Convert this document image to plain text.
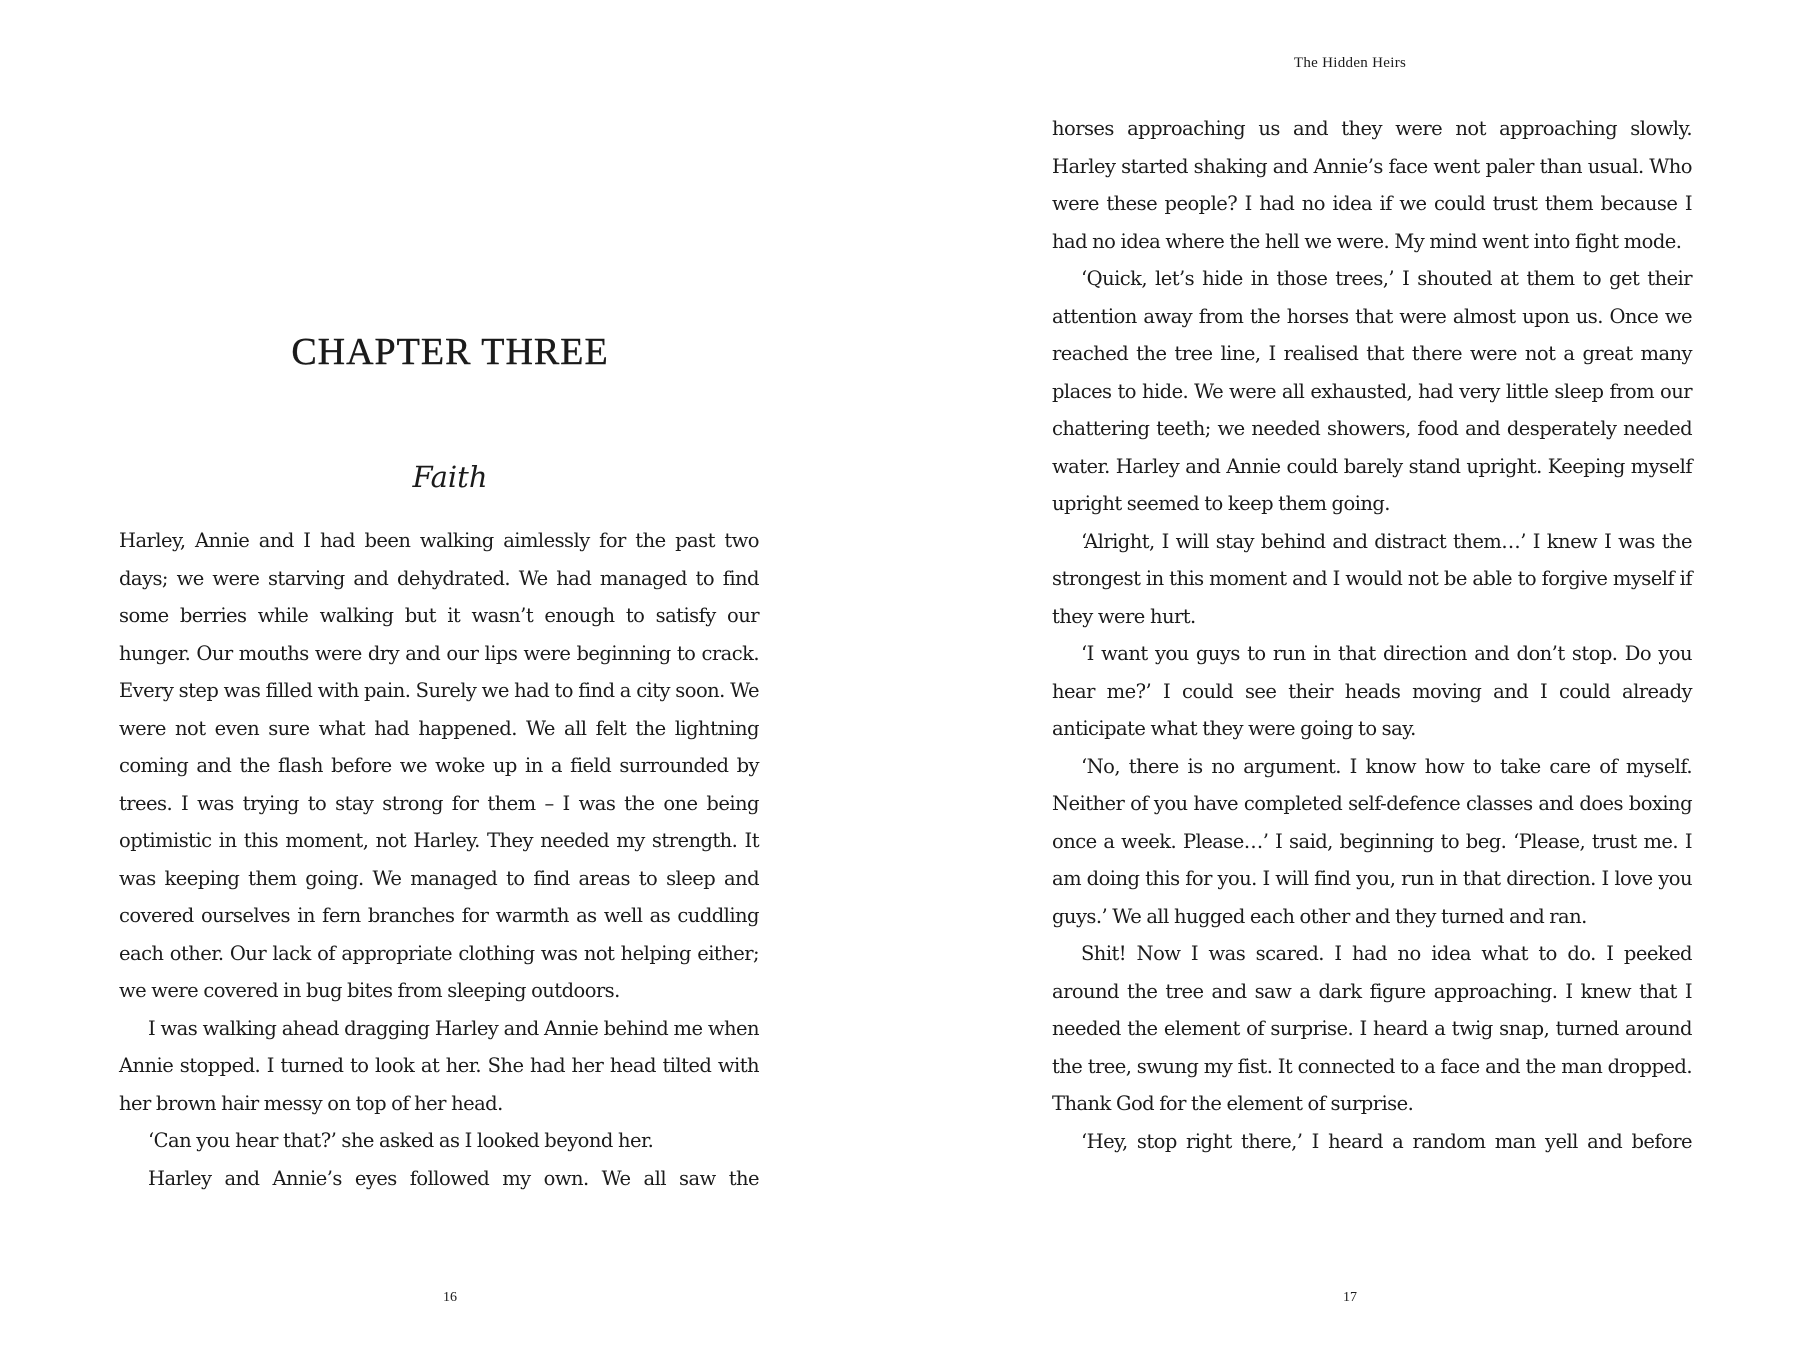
CHAPTER THREE
Faith
16
The Hidden Heirs
17

Harley, Annie and I had been walking aimlessly for the past two days; we were starving and dehydrated. We had managed to find some berries while walking but it wasn’t enough to satisfy our hunger. Our mouths were dry and our lips were beginning to crack. Every step was filled with pain. Surely we had to find a city soon. We were not even sure what had happened. We all felt the lightning coming and the flash before we woke up in a field surrounded by trees. I was trying to stay strong for them – I was the one being optimistic in this moment, not Harley. They needed my strength. It was keeping them going. We managed to find areas to sleep and covered ourselves in fern branches for warmth as well as cuddling each other. Our lack of appropriate clothing was not helping either; we were covered in bug bites from sleeping outdoors.

I was walking ahead dragging Harley and Annie behind me when Annie stopped. I turned to look at her. She had her head tilted with her brown hair messy on top of her head.

‘Can you hear that?’ she asked as I looked beyond her.

Harley and Annie’s eyes followed my own. We all saw the

horses approaching us and they were not approaching slowly. Harley started shaking and Annie’s face went paler than usual. Who were these people? I had no idea if we could trust them because I had no idea where the hell we were. My mind went into fight mode.

‘Quick, let’s hide in those trees,’ I shouted at them to get their attention away from the horses that were almost upon us. Once we reached the tree line, I realised that there were not a great many places to hide. We were all exhausted, had very little sleep from our chattering teeth; we needed showers, food and desperately needed water. Harley and Annie could barely stand upright. Keeping myself upright seemed to keep them going.

‘Alright, I will stay behind and distract them…’ I knew I was the strongest in this moment and I would not be able to forgive myself if they were hurt.

‘I want you guys to run in that direction and don’t stop. Do you hear me?’ I could see their heads moving and I could already anticipate what they were going to say.

‘No, there is no argument. I know how to take care of myself. Neither of you have completed self-defence classes and does boxing once a week. Please…’ I said, beginning to beg. ‘Please, trust me. I am doing this for you. I will find you, run in that direction. I love you guys.’ We all hugged each other and they turned and ran.

Shit! Now I was scared. I had no idea what to do. I peeked around the tree and saw a dark figure approaching. I knew that I needed the element of surprise. I heard a twig snap, turned around the tree, swung my fist. It connected to a face and the man dropped. Thank God for the element of surprise.

‘Hey, stop right there,’ I heard a random man yell and before
